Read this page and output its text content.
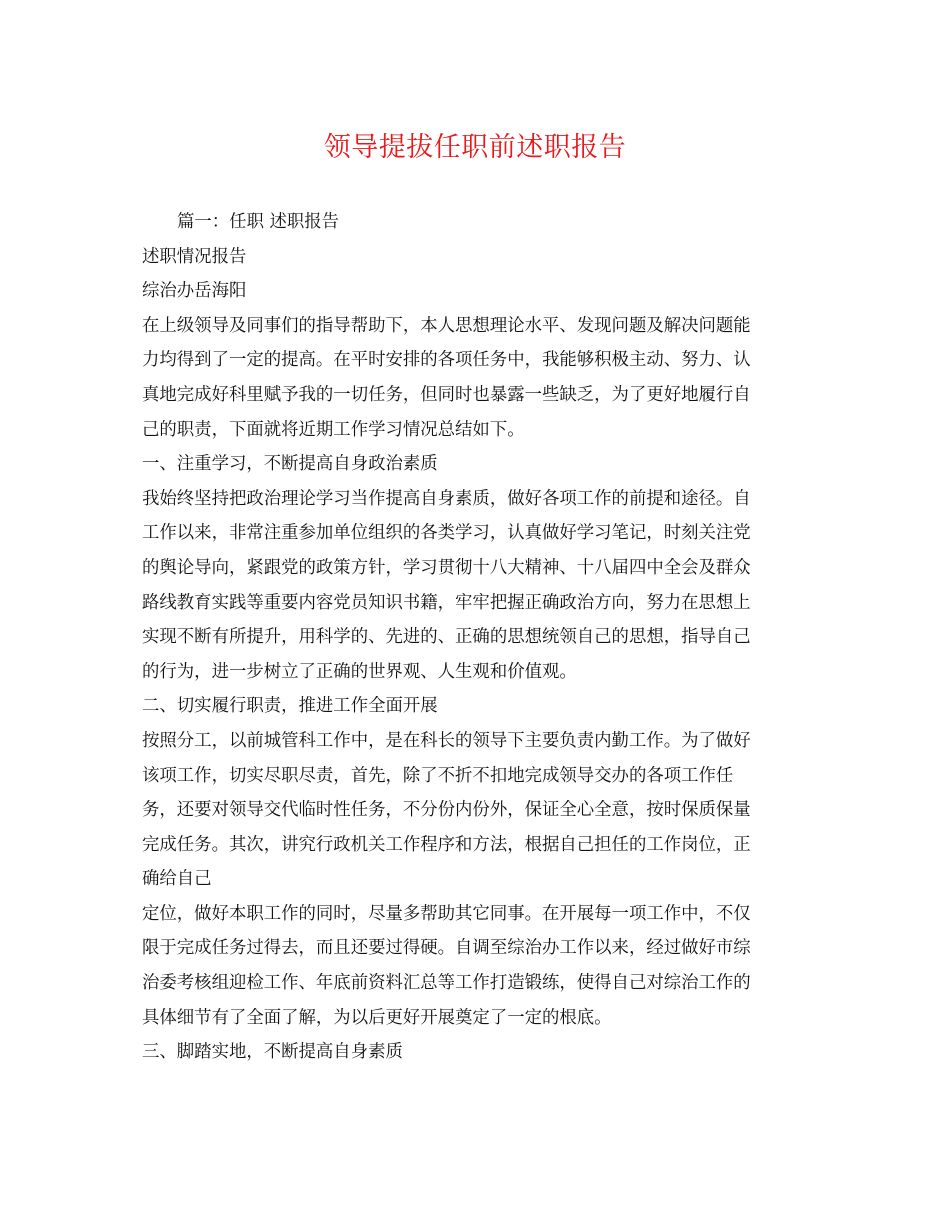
领导提拔任职前述职报告
篇一：任职 述职报告
述职情况报告
综治办岳海阳
在上级领导及同事们的指导帮助下，本人思想理论水平、发现问题及解决问题能
力均得到了一定的提高。在平时安排的各项任务中，我能够积极主动、努力、认
真地完成好科里赋予我的一切任务，但同时也暴露一些缺乏，为了更好地履行自
己的职责，下面就将近期工作学习情况总结如下。
一、注重学习，不断提高自身政治素质
我始终坚持把政治理论学习当作提高自身素质，做好各项工作的前提和途径。自
工作以来，非常注重参加单位组织的各类学习，认真做好学习笔记，时刻关注党
的舆论导向，紧跟党的政策方针，学习贯彻十八大精神、十八届四中全会及群众
路线教育实践等重要内容党员知识书籍，牢牢把握正确政治方向，努力在思想上
实现不断有所提升，用科学的、先进的、正确的思想统领自己的思想，指导自己
的行为，进一步树立了正确的世界观、人生观和价值观。
二、切实履行职责，推进工作全面开展
按照分工，以前城管科工作中，是在科长的领导下主要负责内勤工作。为了做好
该项工作，切实尽职尽责，首先，除了不折不扣地完成领导交办的各项工作任
务，还要对领导交代临时性任务，不分份内份外，保证全心全意，按时保质保量
完成任务。其次，讲究行政机关工作程序和方法，根据自己担任的工作岗位，正
确给自己
定位，做好本职工作的同时，尽量多帮助其它同事。在开展每一项工作中，不仅
限于完成任务过得去，而且还要过得硬。自调至综治办工作以来，经过做好市综
治委考核组迎检工作、年底前资料汇总等工作打造锻练，使得自己对综治工作的
具体细节有了全面了解，为以后更好开展奠定了一定的根底。
三、脚踏实地，不断提高自身素质
